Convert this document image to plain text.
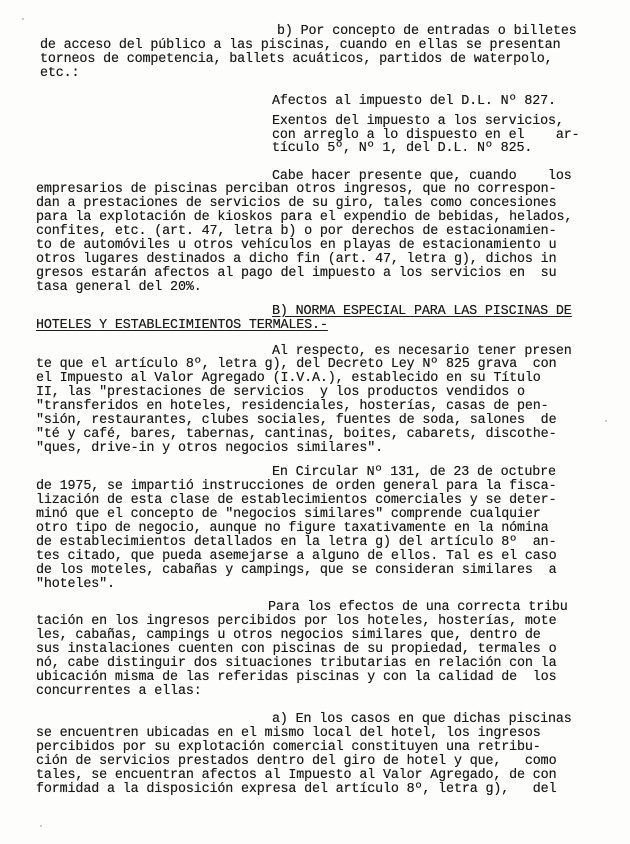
b) Por concepto de entradas o billetes
de acceso del público a las piscinas, cuando en ellas se presentan
torneos de competencia, ballets acuáticos, partidos de waterpolo,
etc.:
Afectos al impuesto del D.L. Nº 827.
Exentos del impuesto a los servicios,
con arreglo a lo dispuesto en el    ar-
tículo 5º, Nº 1, del D.L. Nº 825.
Cabe hacer presente que, cuando    los
empresarios de piscinas perciban otros ingresos, que no correspon-
dan a prestaciones de servicios de su giro, tales como concesiones
para la explotación de kioskos para el expendio de bebidas, helados,
confites, etc. (art. 47, letra b) o por derechos de estacionamien-
to de automóviles u otros vehículos en playas de estacionamiento u
otros lugares destinados a dicho fin (art. 47, letra g), dichos in
gresos estarán afectos al pago del impuesto a los servicios en  su
tasa general del 20%.
B) NORMA ESPECIAL PARA LAS PISCINAS DE
HOTELES Y ESTABLECIMIENTOS TERMALES.-
Al respecto, es necesario tener presen
te que el artículo 8º, letra g), del Decreto Ley Nº 825 grava  con
el Impuesto al Valor Agregado (I.V.A.), establecido en su Título
II, las "prestaciones de servicios  y los productos vendidos o
"transferidos en hoteles, residenciales, hosterías, casas de pen-
"sión, restaurantes, clubes sociales, fuentes de soda, salones  de
"té y café, bares, tabernas, cantinas, boites, cabarets, discothe-
"ques, drive-in y otros negocios similares".
En Circular Nº 131, de 23 de octubre
de 1975, se impartió instrucciones de orden general para la fisca-
lización de esta clase de establecimientos comerciales y se deter-
minó que el concepto de "negocios similares" comprende cualquier
otro tipo de negocio, aunque no figure taxativamente en la nómina
de establecimientos detallados en la letra g) del artículo 8º  an-
tes citado, que pueda asemejarse a alguno de ellos. Tal es el caso
de los moteles, cabañas y campings, que se consideran similares  a
"hoteles".
Para los efectos de una correcta tribu
tación en los ingresos percibidos por los hoteles, hosterías, mote
les, cabañas, campings u otros negocios similares que, dentro de
sus instalaciones cuenten con piscinas de su propiedad, termales o
nó, cabe distinguir dos situaciones tributarias en relación con la
ubicación misma de las referidas piscinas y con la calidad de  los
concurrentes a ellas:
a) En los casos en que dichas piscinas
se encuentren ubicadas en el mismo local del hotel, los ingresos
percibidos por su explotación comercial constituyen una retribu-
ción de servicios prestados dentro del giro de hotel y que,   como
tales, se encuentran afectos al Impuesto al Valor Agregado, de con
formidad a la disposición expresa del artículo 8º, letra g),   del
